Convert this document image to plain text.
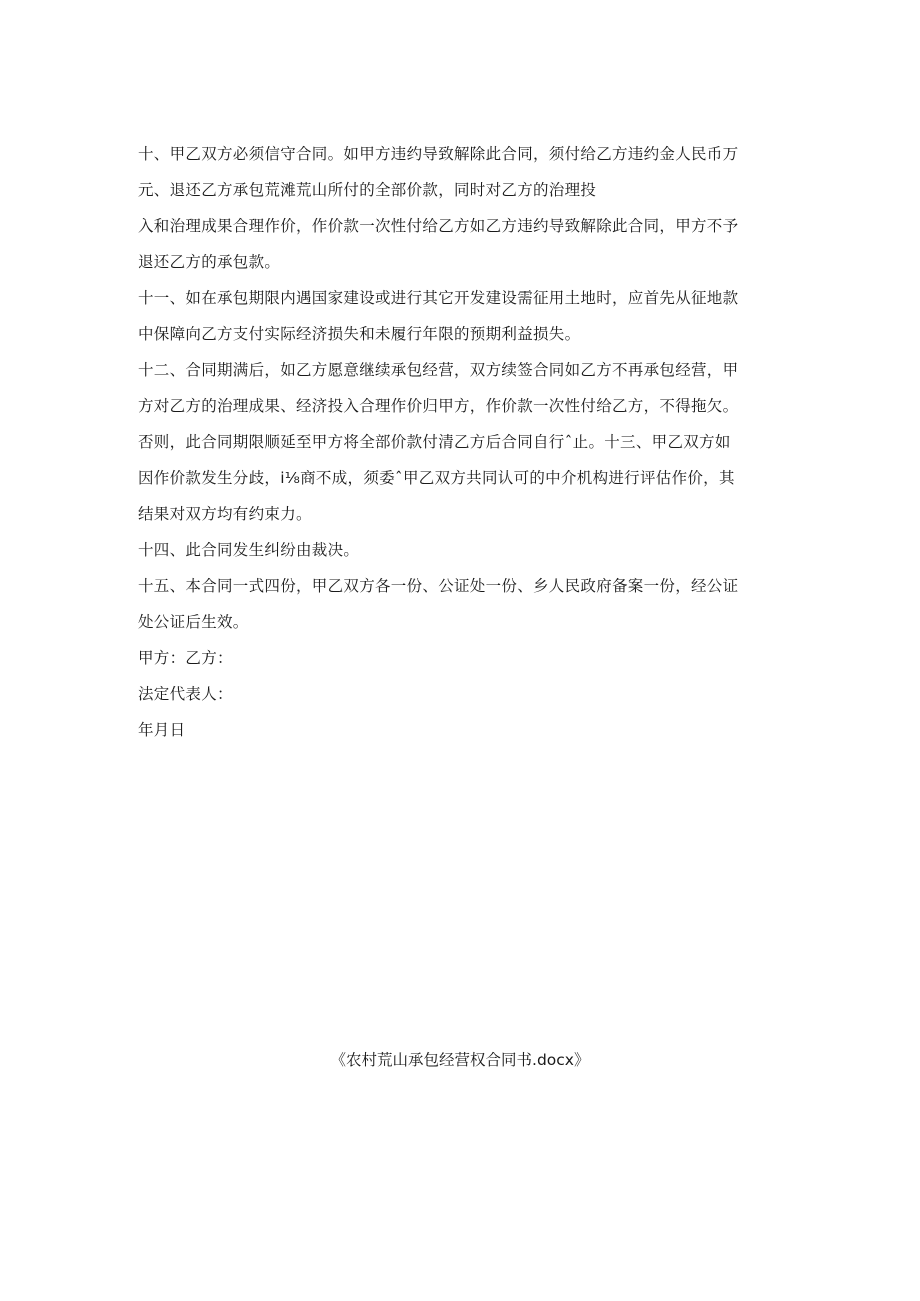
十、甲乙双方必须信守合同。如甲方违约导致解除此合同，须付给乙方违约金人民币万
元、退还乙方承包荒滩荒山所付的全部价款，同时对乙方的治理投
入和治理成果合理作价，作价款一次性付给乙方如乙方违约导致解除此合同，甲方不予
退还乙方的承包款。
十一、如在承包期限内遇国家建设或进行其它开发建设需征用土地时，应首先从征地款
中保障向乙方支付实际经济损失和未履行年限的预期利益损失。
十二、合同期满后，如乙方愿意继续承包经营，双方续签合同如乙方不再承包经营，甲
方对乙方的治理成果、经济投入合理作价归甲方，作价款一次性付给乙方，不得拖欠。
否则，此合同期限顺延至甲方将全部价款付清乙方后合同自行ˆ止。十三、甲乙双方如
因作价款发生分歧，i⅛商不成，须委ˆ甲乙双方共同认可的中介机构进行评估作价，其
结果对双方均有约束力。
十四、此合同发生纠纷由裁决。
十五、本合同一式四份，甲乙双方各一份、公证处一份、乡人民政府备案一份，经公证
处公证后生效。
甲方：乙方：
法定代表人：
年月日
《农村荒山承包经营权合同书.docx》
